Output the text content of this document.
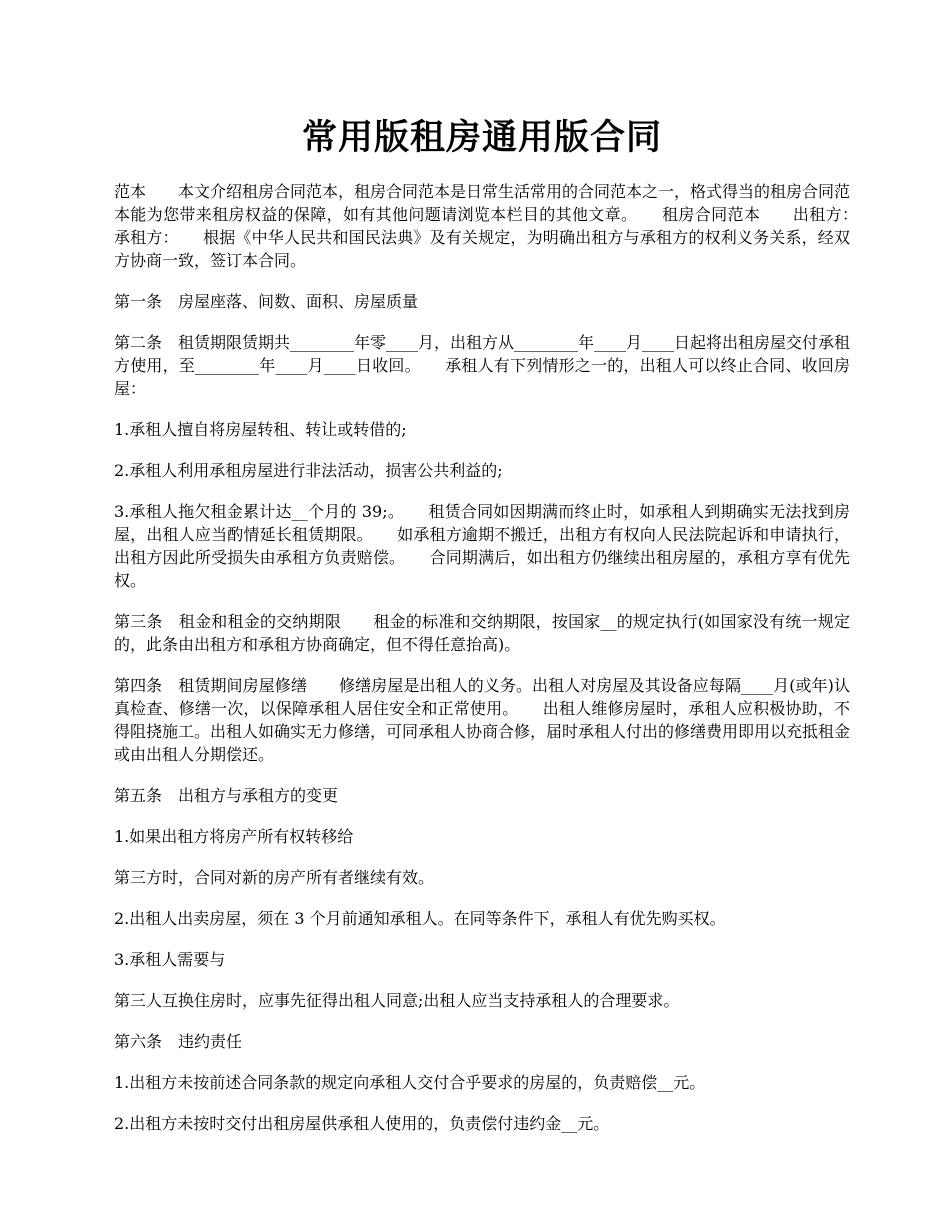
常用版租房通用版合同

范本　　本文介绍租房合同范本，租房合同范本是日常生活常用的合同范本之一，格式得当的租房合同范本能为您带来租房权益的保障，如有其他问题请浏览本栏目的其他文章。　　租房合同范本　　出租方：　　承租方：　　根据《中华人民共和国民法典》及有关规定，为明确出租方与承租方的权利义务关系，经双方协商一致，签订本合同。

第一条　房屋座落、间数、面积、房屋质量

第二条　租赁期限赁期共________年零____月，出租方从________年____月____日起将出租房屋交付承租方使用，至________年____月____日收回。　　承租人有下列情形之一的，出租人可以终止合同、收回房屋：

1.承租人擅自将房屋转租、转让或转借的;

2.承租人利用承租房屋进行非法活动，损害公共利益的;

3.承租人拖欠租金累计达__个月的 39;。　　租赁合同如因期满而终止时，如承租人到期确实无法找到房屋，出租人应当酌情延长租赁期限。　　如承租方逾期不搬迁，出租方有权向人民法院起诉和申请执行，出租方因此所受损失由承租方负责赔偿。　　合同期满后，如出租方仍继续出租房屋的，承租方享有优先权。

第三条　租金和租金的交纳期限　　租金的标准和交纳期限，按国家__的规定执行(如国家没有统一规定的，此条由出租方和承租方协商确定，但不得任意抬高)。

第四条　租赁期间房屋修缮　　修缮房屋是出租人的义务。出租人对房屋及其设备应每隔____月(或年)认真检查、修缮一次，以保障承租人居住安全和正常使用。　　出租人维修房屋时，承租人应积极协助，不得阻挠施工。出租人如确实无力修缮，可同承租人协商合修，届时承租人付出的修缮费用即用以充抵租金或由出租人分期偿还。

第五条　出租方与承租方的变更

1.如果出租方将房产所有权转移给

第三方时，合同对新的房产所有者继续有效。

2.出租人出卖房屋，须在 3 个月前通知承租人。在同等条件下，承租人有优先购买权。

3.承租人需要与

第三人互换住房时，应事先征得出租人同意;出租人应当支持承租人的合理要求。

第六条　违约责任

1.出租方未按前述合同条款的规定向承租人交付合乎要求的房屋的，负责赔偿__元。

2.出租方未按时交付出租房屋供承租人使用的，负责偿付违约金__元。
